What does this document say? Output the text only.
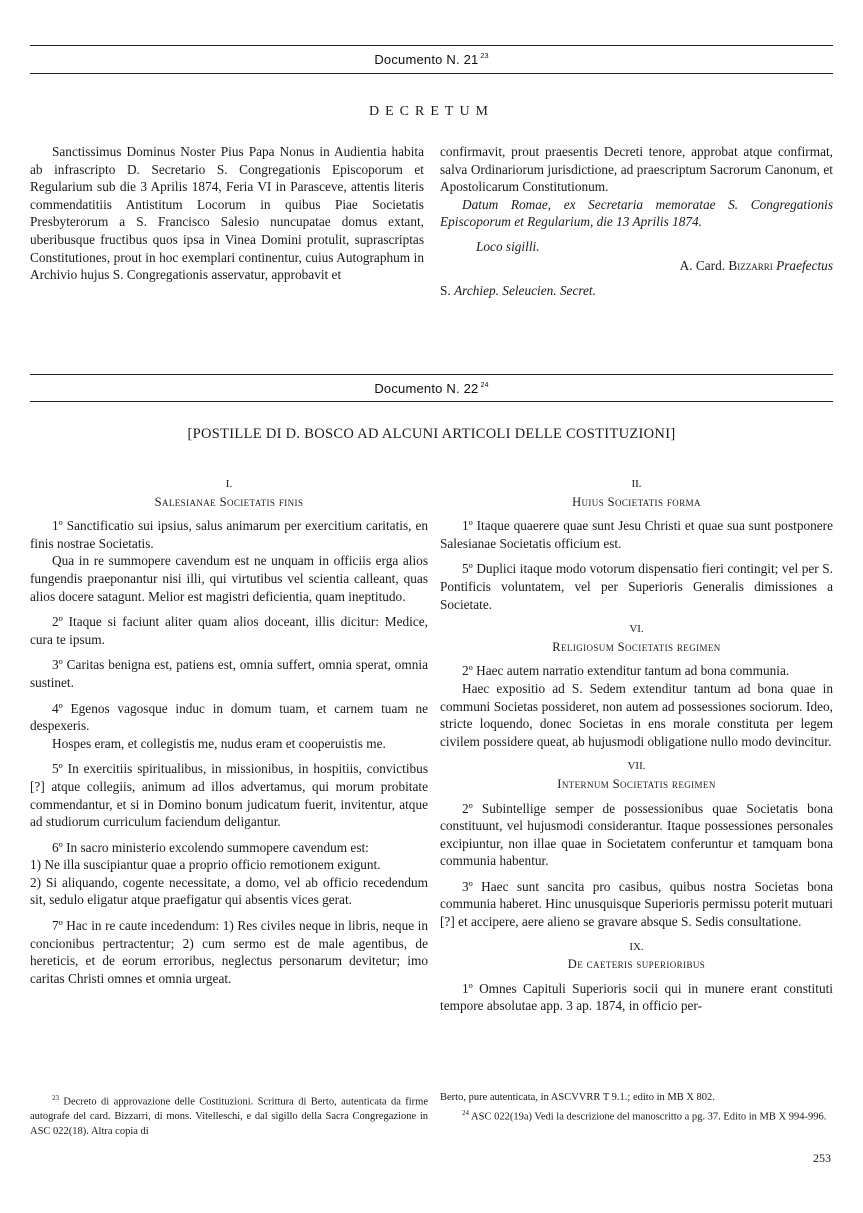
Documento N. 21 $^{23}$
DECRETUM

Sanctissimus Dominus Noster Pius Papa Nonus in Audientia habita ab infrascripto D. Secretario S. Congregationis Episcoporum et Regularium sub die 3 Aprilis 1874, Feria VI in Parasceve, attentis literis commendatitiis Antistitum Locorum in quibus Piae Societatis Presbyterorum a S. Francisco Salesio nuncupatae domus extant, uberibusque fructibus quos ipsa in Vinea Domini protulit, suprascriptas Constitutiones, prout in hoc exemplari continentur, cuius Autographum in Archivio hujus S. Congregationis asservatur, approbavit et

confirmavit, prout praesentis Decreti tenore, approbat atque confirmat, salva Ordinariorum jurisdictione, ad praescriptum Sacrorum Canonum, et Apostolicarum Constitutionum.

Datum Romae, ex Secretaria memoratae S. Congregationis Episcoporum et Regularium, die 13 Aprilis 1874.

Loco sigilli.

A. Card. Bizzarri Praefectus

S. Archiep. Seleucien. Secret.

Documento N. 22 $^{24}$
[POSTILLE DI D. BOSCO AD ALCUNI ARTICOLI DELLE COSTITUZIONI]

I.

Salesianae Societatis finis

1º Sanctificatio sui ipsius, salus animarum per exercitium caritatis, en finis nostrae Societatis.

Qua in re summopere cavendum est ne unquam in officiis erga alios fungendis praeponantur nisi illi, qui virtutibus vel scientia calleant, quas alios docere satagunt. Melior est magistri deficientia, quam ineptitudo.

2º Itaque si faciunt aliter quam alios doceant, illis dicitur: Medice, cura te ipsum.

3º Caritas benigna est, patiens est, omnia suffert, omnia sperat, omnia sustinet.

4º Egenos vagosque induc in domum tuam, et carnem tuam ne despexeris.

Hospes eram, et collegistis me, nudus eram et cooperuistis me.

5º In exercitiis spiritualibus, in missionibus, in hospitiis, convictibus [?] atque collegiis, animum ad illos advertamus, qui morum probitate commendantur, et si in Domino bonum judicatum fuerit, invitentur, atque ad studiorum curriculum faciendum deligantur.

6º In sacro ministerio excolendo summopere cavendum est:

1) Ne illa suscipiantur quae a proprio officio remotionem exigunt.

2) Si aliquando, cogente necessitate, a domo, vel ab officio recedendum sit, sedulo eligatur atque praefigatur qui absentis vices gerat.

7º Hac in re caute incedendum: 1) Res civiles neque in libris, neque in concionibus pertractentur; 2) cum sermo est de male agentibus, de hereticis, et de eorum erroribus, neglectus personarum devitetur; imo caritas Christi omnes et omnia urgeat.

II.

Huius Societatis forma

1º Itaque quaerere quae sunt Jesu Christi et quae sua sunt postponere Salesianae Societatis officium est.

5º Duplici itaque modo votorum dispensatio fieri contingit; vel per S. Pontificis voluntatem, vel per Superioris Generalis dimissiones a Societate.

VI.

Religiosum Societatis regimen

2º Haec autem narratio extenditur tantum ad bona communia.

Haec expositio ad S. Sedem extenditur tantum ad bona quae in communi Societas possideret, non autem ad possessiones sociorum. Ideo, stricte loquendo, donec Societas in ens morale constituta per legem civilem possidere queat, ab hujusmodi obligatione nullo modo devincitur.

VII.

Internum Societatis regimen

2º Subintellige semper de possessionibus quae Societatis bona constituunt, vel hujusmodi considerantur. Itaque possessiones personales excipiuntur, non illae quae in Societatem conferuntur et tamquam bona communia habentur.

3º Haec sunt sancita pro casibus, quibus nostra Societas bona communia haberet. Hinc unusquisque Superioris permissu poterit mutuari [?] et accipere, aere alieno se gravare absque S. Sedis consultatione.

IX.

De caeteris superioribus

1º Omnes Capituli Superioris socii qui in munere erant constituti tempore absolutae app. 3 ap. 1874, in officio per-

$^{23}$ Decreto di approvazione delle Costituzioni. Scrittura di Berto, autenticata da firme autografe del card. Bizzarri, di mons. Vitelleschi, e dal sigillo della Sacra Congregazione in ASC 022(18). Altra copia di

Berto, pure autenticata, in ASCVVRR T 9.1.; edito in MB X 802.

$^{24}$ ASC 022(19a) Vedi la descrizione del manoscritto a pg. 37. Edito in MB X 994-996.

253
